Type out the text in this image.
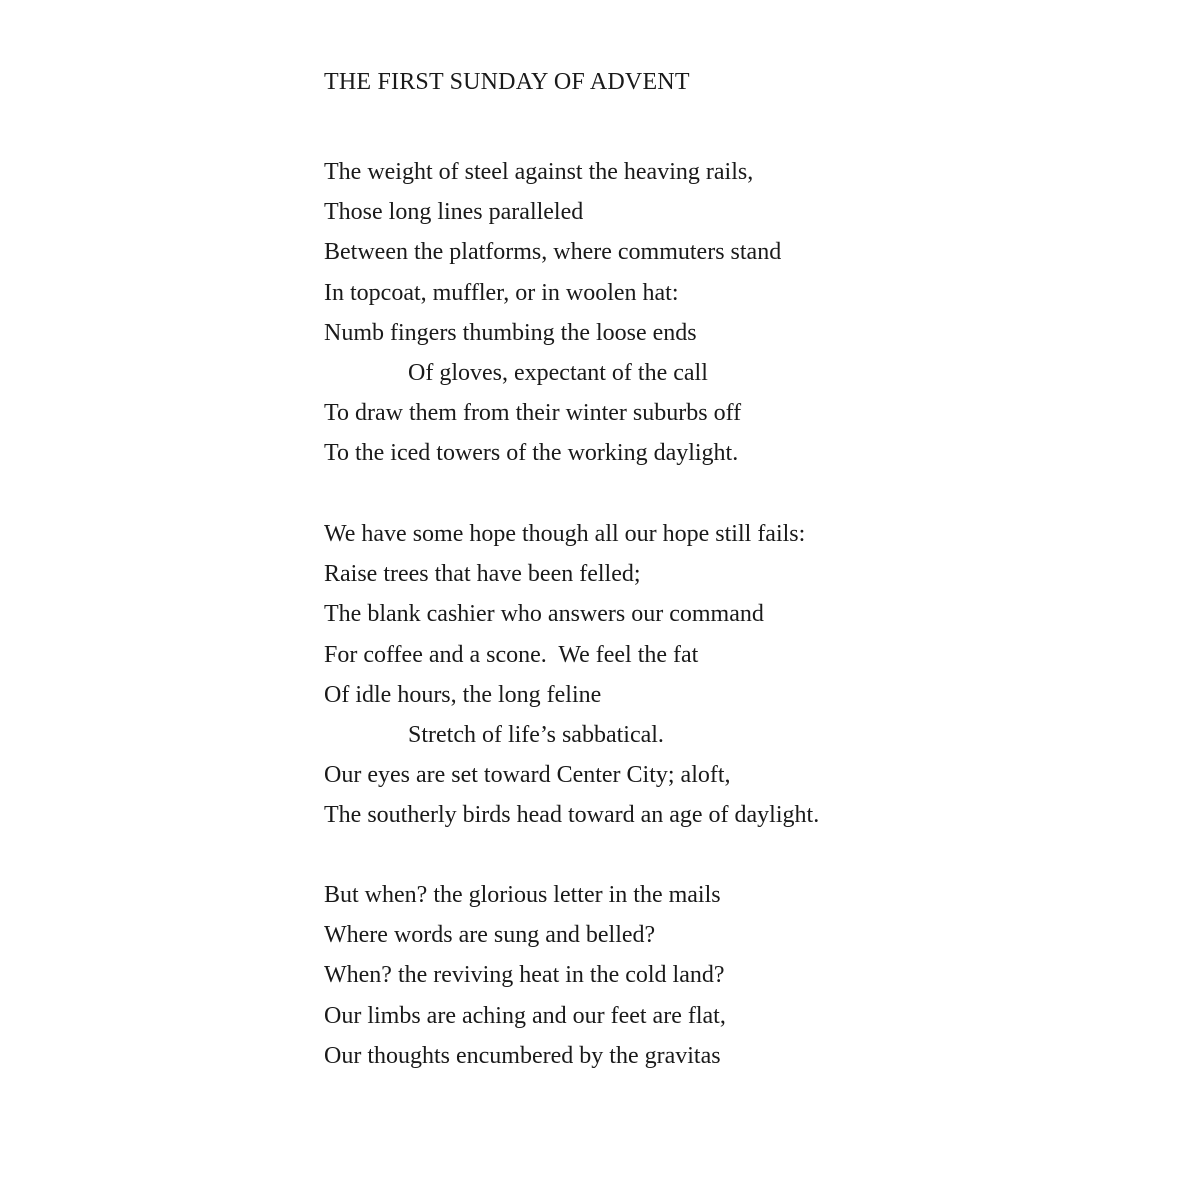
THE FIRST SUNDAY OF ADVENT
The weight of steel against the heaving rails,
Those long lines paralleled
Between the platforms, where commuters stand
In topcoat, muffler, or in woolen hat:
Numb fingers thumbing the loose ends
Of gloves, expectant of the call
To draw them from their winter suburbs off
To the iced towers of the working daylight.
We have some hope though all our hope still fails:
Raise trees that have been felled;
The blank cashier who answers our command
For coffee and a scone.  We feel the fat
Of idle hours, the long feline
Stretch of life’s sabbatical.
Our eyes are set toward Center City; aloft,
The southerly birds head toward an age of daylight.
But when? the glorious letter in the mails
Where words are sung and belled?
When? the reviving heat in the cold land?
Our limbs are aching and our feet are flat,
Our thoughts encumbered by the gravitas
